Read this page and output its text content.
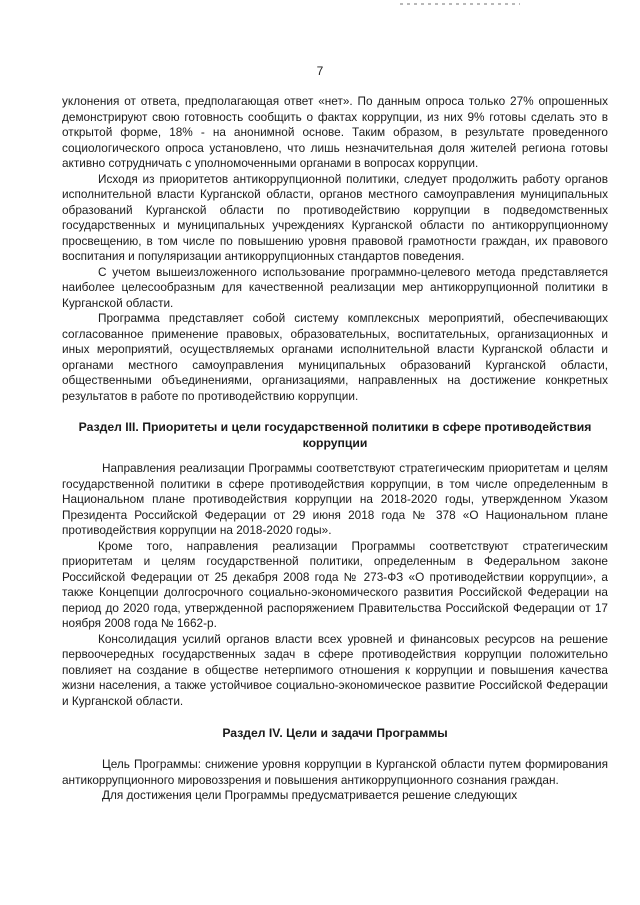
7

уклонения от ответа, предполагающая ответ «нет». По данным опроса только 27% опрошенных демонстрируют свою готовность сообщить о фактах коррупции, из них 9% готовы сделать это в открытой форме, 18% - на анонимной основе. Таким образом, в результате проведенного социологического опроса установлено, что лишь незначительная доля жителей региона готовы активно сотрудничать с уполномоченными органами в вопросах коррупции.

Исходя из приоритетов антикоррупционной политики, следует продолжить работу органов исполнительной власти Курганской области, органов местного самоуправления муниципальных образований Курганской области по противодействию коррупции в подведомственных государственных и муниципальных учреждениях Курганской области по антикоррупционному просвещению, в том числе по повышению уровня правовой грамотности граждан, их правового воспитания и популяризации антикоррупционных стандартов поведения.

С учетом вышеизложенного использование программно-целевого метода представляется наиболее целесообразным для качественной реализации мер антикоррупционной политики в Курганской области.

Программа представляет собой систему комплексных мероприятий, обеспечивающих согласованное применение правовых, образовательных, воспитательных, организационных и иных мероприятий, осуществляемых органами исполнительной власти Курганской области и органами местного самоуправления муниципальных образований Курганской области, общественными объединениями, организациями, направленных на достижение конкретных результатов в работе по противодействию коррупции.

Раздел III. Приоритеты и цели государственной политики в сфере противодействия коррупции

Направления реализации Программы соответствуют стратегическим приоритетам и целям государственной политики в сфере противодействия коррупции, в том числе определенным в Национальном плане противодействия коррупции на 2018-2020 годы, утвержденном Указом Президента Российской Федерации от 29 июня 2018 года № 378 «О Национальном плане противодействия коррупции на 2018-2020 годы».

Кроме того, направления реализации Программы соответствуют стратегическим приоритетам и целям государственной политики, определенным в Федеральном законе Российской Федерации от 25 декабря 2008 года № 273-ФЗ «О противодействии коррупции», а также Концепции долгосрочного социально-экономического развития Российской Федерации на период до 2020 года, утвержденной распоряжением Правительства Российской Федерации от 17 ноября 2008 года № 1662-р.

Консолидация усилий органов власти всех уровней и финансовых ресурсов на решение первоочередных государственных задач в сфере противодействия коррупции положительно повлияет на создание в обществе нетерпимого отношения к коррупции и повышения качества жизни населения, а также устойчивое социально-экономическое развитие Российской Федерации и Курганской области.

Раздел IV. Цели и задачи Программы

Цель Программы: снижение уровня коррупции в Курганской области путем формирования антикоррупционного мировоззрения и повышения антикоррупционного сознания граждан.

Для достижения цели Программы предусматривается решение следующих
